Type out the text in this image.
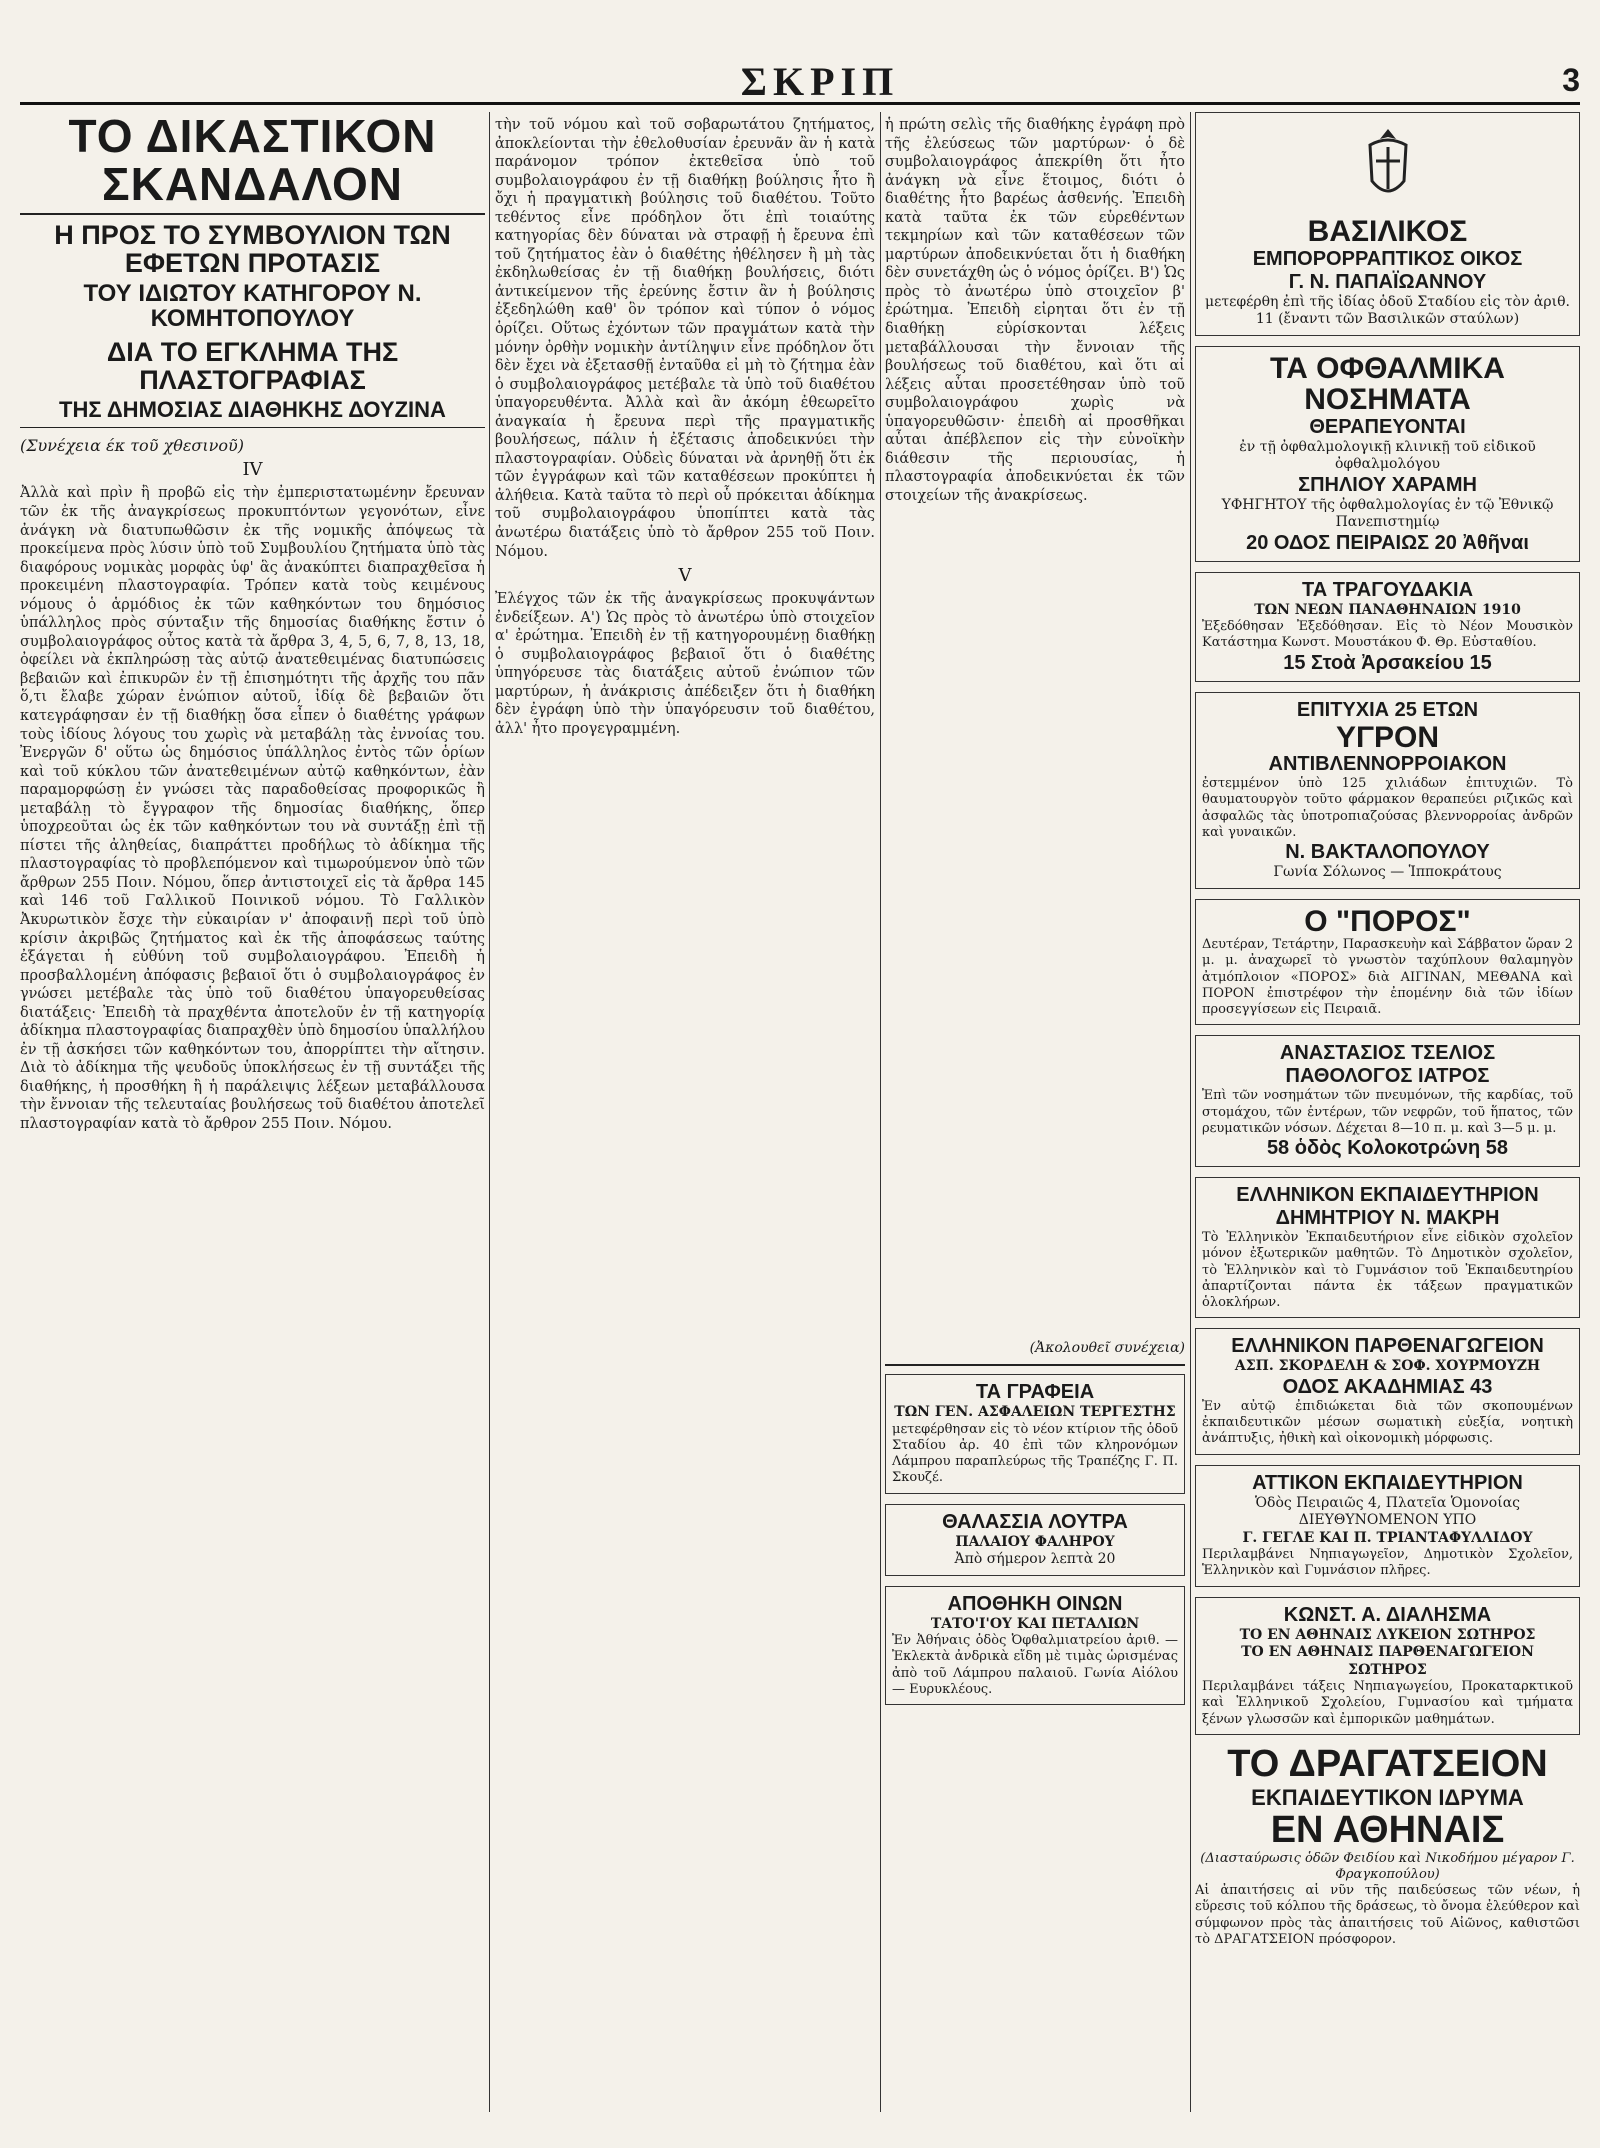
ΣΚΡΙΠ	3
ΤΟ ΔΙΚΑΣΤΙΚΟΝ ΣΚΑΝΔΑΛΟΝ
Η ΠΡΟΣ ΤΟ ΣΥΜΒΟΥΛΙΟΝ ΤΩΝ ΕΦΕΤΩΝ ΠΡΟΤΑΣΙΣ
ΤΟΥ ΙΔΙΩΤΟΥ ΚΑΤΗΓΟΡΟΥ Ν. ΚΟΜΗΤΟΠΟΥΛΟΥ
ΔΙΑ ΤΟ ΕΓΚΛΗΜΑ ΤΗΣ ΠΛΑΣΤΟΓΡΑΦΙΑΣ
ΤΗΣ ΔΗΜΟΣΙΑΣ ΔΙΑΘΗΚΗΣ ΔΟΥΖΙΝΑ
(Συνέχεια έκ τοῦ χθεσινοῦ)
IV
Ἀλλὰ καὶ πρὶν ἢ προβῶ εἰς τὴν ἐμπεριστατωμένην ἔρευναν τῶν ἐκ τῆς ἀναγκρίσεως προκυπτόντων γεγονότων, εἶνε ἀνάγκη νὰ διατυπωθῶσιν ἐκ τῆς νομικῆς ἀπόψεως τὰ προκείμενα πρὸς λύσιν ὑπὸ τοῦ Συμβουλίου ζητήματα ὑπὸ τὰς διαφόρους νομικὰς μορφὰς ὑφ' ἃς ἀνακύπτει διαπραχθεῖσα ἡ προκειμένη πλαστογραφία. Τρόπεν κατὰ τοὺς κειμένους νόμους ὁ ἁρμόδιος ἐκ τῶν καθηκόντων του δημόσιος ὑπάλληλος πρὸς σύνταξιν τῆς δημοσίας διαθήκης ἔστιν ὁ συμβολαιογράφος οὗτος κατὰ τὰ ἄρθρα 3, 4, 5, 6, 7, 8, 13, 18, ὀφείλει νὰ ἐκπληρώσῃ τὰς αὐτῷ ἀνατεθειμένας διατυπώσεις βεβαιῶν καὶ ἐπικυρῶν ἐν τῇ ἐπισημότητι τῆς ἀρχῆς του πᾶν ὅ,τι ἔλαβε χώραν ἐνώπιον αὐτοῦ, ἰδίᾳ δὲ βεβαιῶν ὅτι κατεγράφησαν ἐν τῇ διαθήκῃ ὅσα εἶπεν ὁ διαθέτης γράφων τοὺς ἰδίους λόγους του χωρὶς νὰ μεταβάλῃ τὰς ἐννοίας του. Ἐνεργῶν δ' οὕτω ὡς δημόσιος ὑπάλληλος ἐντὸς τῶν ὁρίων καὶ τοῦ κύκλου τῶν ἀνατεθειμένων αὐτῷ καθηκόντων, ἐὰν παραμορφώσῃ ἐν γνώσει τὰς παραδοθείσας προφορικῶς ἢ μεταβάλῃ τὸ ἔγγραφον τῆς δημοσίας διαθήκης, ὅπερ ὑποχρεοῦται ὡς ἐκ τῶν καθηκόντων του νὰ συντάξῃ ἐπὶ τῇ πίστει τῆς ἀληθείας, διαπράττει προδήλως τὸ ἀδίκημα τῆς πλαστογραφίας τὸ προβλεπόμενον καὶ τιμωρούμενον ὑπὸ τῶν ἄρθρων 255 Ποιν. Νόμου, ὅπερ ἀντιστοιχεῖ εἰς τὰ ἄρθρα 145 καὶ 146 τοῦ Γαλλικοῦ Ποινικοῦ νόμου. Τὸ Γαλλικὸν Ἀκυρωτικὸν ἔσχε τὴν εὐκαιρίαν ν' ἀποφαινῇ περὶ τοῦ ὑπὸ κρίσιν ἀκριβῶς ζητήματος καὶ ἐκ τῆς ἀποφάσεως ταύτης ἐξάγεται ἡ εὐθύνη τοῦ συμβολαιογράφου. Ἐπειδὴ ἡ προσβαλλομένη ἀπόφασις βεβαιοῖ ὅτι ὁ συμβολαιογράφος ἐν γνώσει μετέβαλε τὰς ὑπὸ τοῦ διαθέτου ὑπαγορευθείσας διατάξεις· Ἐπειδὴ τὰ πραχθέντα ἀποτελοῦν ἐν τῇ κατηγορίᾳ ἀδίκημα πλαστογραφίας διαπραχθὲν ὑπὸ δημοσίου ὑπαλλήλου ἐν τῇ ἀσκήσει τῶν καθηκόντων του, ἀπορρίπτει τὴν αἴτησιν. Διὰ τὸ ἀδίκημα τῆς ψευδοῦς ὑποκλήσεως ἐν τῇ συντάξει τῆς διαθήκης, ἡ προσθήκη ἢ ἡ παράλειψις λέξεων μεταβάλλουσα τὴν ἔννοιαν τῆς τελευταίας βουλήσεως τοῦ διαθέτου ἀποτελεῖ πλαστογραφίαν κατὰ τὸ ἄρθρον 255 Ποιν. Νόμου.
τὴν τοῦ νόμου καὶ τοῦ σοβαρωτάτου ζητήματος, ἀποκλείονται τὴν ἐθελοθυσίαν ἐρευνᾶν ἂν ἡ κατὰ παράνομον τρόπον ἐκτεθεῖσα ὑπὸ τοῦ συμβολαιογράφου ἐν τῇ διαθήκῃ βούλησις ἦτο ἢ ὄχι ἡ πραγματικὴ βούλησις τοῦ διαθέτου. Τοῦτο τεθέντος εἶνε πρόδηλον ὅτι ἐπὶ τοιαύτης κατηγορίας δὲν δύναται νὰ στραφῇ ἡ ἔρευνα ἐπὶ τοῦ ζητήματος ἐὰν ὁ διαθέτης ἠθέλησεν ἢ μὴ τὰς ἐκδηλωθείσας ἐν τῇ διαθήκῃ βουλήσεις, διότι ἀντικείμενον τῆς ἐρεύνης ἔστιν ἂν ἡ βούλησις ἐξεδηλώθη καθ' ὃν τρόπον καὶ τύπον ὁ νόμος ὁρίζει. Οὕτως ἐχόντων τῶν πραγμάτων κατὰ τὴν μόνην ὀρθὴν νομικὴν ἀντίληψιν εἶνε πρόδηλον ὅτι δὲν ἔχει νὰ ἐξετασθῇ ἐνταῦθα εἰ μὴ τὸ ζήτημα ἐὰν ὁ συμβολαιογράφος μετέβαλε τὰ ὑπὸ τοῦ διαθέτου ὑπαγορευθέντα. Ἀλλὰ καὶ ἂν ἀκόμη ἐθεωρεῖτο ἀναγκαία ἡ ἔρευνα περὶ τῆς πραγματικῆς βουλήσεως, πάλιν ἡ ἐξέτασις ἀποδεικνύει τὴν πλαστογραφίαν. Οὐδεὶς δύναται νὰ ἀρνηθῇ ὅτι ἐκ τῶν ἐγγράφων καὶ τῶν καταθέσεων προκύπτει ἡ ἀλήθεια. Κατὰ ταῦτα τὸ περὶ οὗ πρόκειται ἀδίκημα τοῦ συμβολαιογράφου ὑποπίπτει κατὰ τὰς ἀνωτέρω διατάξεις ὑπὸ τὸ ἄρθρον 255 τοῦ Ποιν. Νόμου.
V
Ἐλέγχος τῶν ἐκ τῆς ἀναγκρίσεως προκυψάντων ἐνδείξεων. Α') Ὡς πρὸς τὸ ἀνωτέρω ὑπὸ στοιχεῖον α' ἐρώτημα. Ἐπειδὴ ἐν τῇ κατηγορουμένῃ διαθήκῃ ὁ συμβολαιογράφος βεβαιοῖ ὅτι ὁ διαθέτης ὑπηγόρευσε τὰς διατάξεις αὐτοῦ ἐνώπιον τῶν μαρτύρων, ἡ ἀνάκρισις ἀπέδειξεν ὅτι ἡ διαθήκη δὲν ἐγράφη ὑπὸ τὴν ὑπαγόρευσιν τοῦ διαθέτου, ἀλλ' ἦτο προγεγραμμένη.
ἡ πρώτη σελὶς τῆς διαθήκης ἐγράφη πρὸ τῆς ἐλεύσεως τῶν μαρτύρων· ὁ δὲ συμβολαιογράφος ἀπεκρίθη ὅτι ἦτο ἀνάγκη νὰ εἶνε ἕτοιμος, διότι ὁ διαθέτης ἦτο βαρέως ἀσθενής. Ἐπειδὴ κατὰ ταῦτα ἐκ τῶν εὑρεθέντων τεκμηρίων καὶ τῶν καταθέσεων τῶν μαρτύρων ἀποδεικνύεται ὅτι ἡ διαθήκη δὲν συνετάχθη ὡς ὁ νόμος ὁρίζει. Β') Ὡς πρὸς τὸ ἀνωτέρω ὑπὸ στοιχεῖον β' ἐρώτημα. Ἐπειδὴ εἰρηται ὅτι ἐν τῇ διαθήκῃ εὑρίσκονται λέξεις μεταβάλλουσαι τὴν ἔννοιαν τῆς βουλήσεως τοῦ διαθέτου, καὶ ὅτι αἱ λέξεις αὗται προσετέθησαν ὑπὸ τοῦ συμβολαιογράφου χωρὶς νὰ ὑπαγορευθῶσιν· ἐπειδὴ αἱ προσθῆκαι αὗται ἀπέβλεπον εἰς τὴν εὐνοϊκὴν διάθεσιν τῆς περιουσίας, ἡ πλαστογραφία ἀποδεικνύεται ἐκ τῶν στοιχείων τῆς ἀνακρίσεως.
(Ἀκολουθεῖ συνέχεια)
ΤΑ ΓΡΑΦΕΙΑ
ΤΩΝ ΓΕΝ. ΑΣΦΑΛΕΙΩΝ ΤΕΡΓΕΣΤΗΣ
μετεφέρθησαν εἰς τὸ νέον κτίριον τῆς ὁδοῦ Σταδίου ἀρ. 40 ἐπὶ τῶν κληρονόμων Λάμπρου παραπλεύρως τῆς Τραπέζης Γ. Π. Σκουζέ.
ΘΑΛΑΣΣΙΑ ΛΟΥΤΡΑ
ΠΑΛΑΙΟΥ ΦΑΛΗΡΟΥ
Ἀπὸ σήμερον λεπτὰ 20
ΑΠΟΘΗΚΗ ΟΙΝΩΝ
ΤΑΤΟ'Ι'ΟΥ ΚΑΙ ΠΕΤΑΛΙΩΝ
Ἐν Ἀθήναις ὁδὸς Ὀφθαλμιατρείου ἀριθ. — Ἐκλεκτὰ ἀνδρικὰ εἴδη μὲ τιμὰς ὡρισμένας ἀπὸ τοῦ Λάμπρου παλαιοῦ. Γωνία Αἰόλου — Ευρυκλέους.
ΒΑΣΙΛΙΚΟΣ
ΕΜΠΟΡΟΡΡΑΠΤΙΚΟΣ ΟΙΚΟΣ
Γ. Ν. ΠΑΠΑΪΩΑΝΝΟΥ
μετεφέρθη ἐπὶ τῆς ἰδίας ὁδοῦ Σταδίου εἰς τὸν ἀριθ. 11 (ἔναντι τῶν Βασιλικῶν σταύλων)
ΤΑ ΟΦΘΑΛΜΙΚΑ ΝΟΣΗΜΑΤΑ
ΘΕΡΑΠΕΥΟΝΤΑΙ
ἐν τῇ ὀφθαλμολογικῇ κλινικῇ τοῦ εἰδικοῦ ὀφθαλμολόγου
ΣΠΗΛΙΟΥ ΧΑΡΑΜΗ
ΥΦΗΓΗΤΟΥ τῆς ὀφθαλμολογίας ἐν τῷ Ἐθνικῷ Πανεπιστημίῳ
20 ΟΔΟΣ ΠΕΙΡΑΙΩΣ 20 Ἀθῆναι
ΤΑ ΤΡΑΓΟΥΔΑΚΙΑ
ΤΩΝ ΝΕΩΝ ΠΑΝΑΘΗΝΑΙΩΝ 1910
Ἐξεδόθησαν Ἐξεδόθησαν. Εἰς τὸ Νέον Μουσικὸν Κατάστημα Κωνστ. Μουστάκου Φ. Θρ. Εὐσταθίου.
15 Στοὰ Ἀρσακείου 15
ΕΠΙΤΥΧΙΑ 25 ΕΤΩΝ
ΥΓΡΟΝ
ΑΝΤΙΒΛΕΝΝΟΡΡΟΙΑΚΟΝ
ἐστεμμένον ὑπὸ 125 χιλιάδων ἐπιτυχιῶν. Τὸ θαυματουργὸν τοῦτο φάρμακον θεραπεύει ριζικῶς καὶ ἀσφαλῶς τὰς ὑποτροπιαζούσας βλεννορροίας ἀνδρῶν καὶ γυναικῶν.
Ν. ΒΑΚΤΑΛΟΠΟΥΛΟΥ
Γωνία Σόλωνος — Ἱπποκράτους
Ο "ΠΟΡΟΣ"
Δευτέραν, Τετάρτην, Παρασκευὴν καὶ Σάββατον ὥραν 2 μ. μ. ἀναχωρεῖ τὸ γνωστὸν ταχύπλουν θαλαμηγὸν ἀτμόπλοιον «ΠΟΡΟΣ» διὰ ΑΙΓΙΝΑΝ, ΜΕΘΑΝΑ καὶ ΠΟΡΟΝ ἐπιστρέφον τὴν ἐπομένην διὰ τῶν ἰδίων προσεγγίσεων εἰς Πειραιᾶ.
ΑΝΑΣΤΑΣΙΟΣ ΤΣΕΛΙΟΣ
ΠΑΘΟΛΟΓΟΣ ΙΑΤΡΟΣ
Ἐπὶ τῶν νοσημάτων τῶν πνευμόνων, τῆς καρδίας, τοῦ στομάχου, τῶν ἐντέρων, τῶν νεφρῶν, τοῦ ἥπατος, τῶν ρευματικῶν νόσων. Δέχεται 8—10 π. μ. καὶ 3—5 μ. μ.
58 ὁδὸς Κολοκοτρώνη 58
ΕΛΛΗΝΙΚΟΝ ΕΚΠΑΙΔΕΥΤΗΡΙΟΝ
ΔΗΜΗΤΡΙΟΥ Ν. ΜΑΚΡΗ
Τὸ Ἑλληνικὸν Ἐκπαιδευτήριον εἶνε εἰδικὸν σχολεῖον μόνον ἐξωτερικῶν μαθητῶν. Τὸ Δημοτικὸν σχολεῖον, τὸ Ἑλληνικὸν καὶ τὸ Γυμνάσιον τοῦ Ἐκπαιδευτηρίου ἀπαρτίζονται πάντα ἐκ τάξεων πραγματικῶν ὁλοκλήρων.
ΕΛΛΗΝΙΚΟΝ ΠΑΡΘΕΝΑΓΩΓΕΙΟΝ
ΑΣΠ. ΣΚΟΡΔΕΛΗ & ΣΟΦ. ΧΟΥΡΜΟΥΖΗ
ΟΔΟΣ ΑΚΑΔΗΜΙΑΣ 43
Ἐν αὐτῷ ἐπιδιώκεται διὰ τῶν σκοπουμένων ἐκπαιδευτικῶν μέσων σωματικὴ εὐεξία, νοητικὴ ἀνάπτυξις, ἠθικὴ καὶ οἰκονομικὴ μόρφωσις.
ΑΤΤΙΚΟΝ ΕΚΠΑΙΔΕΥΤΗΡΙΟΝ
Ὁδὸς Πειραιῶς 4, Πλατεῖα Ὁμονοίας
ΔΙΕΥΘΥΝΟΜΕΝΟΝ ΥΠΟ
Γ. ΓΕΓΛΕ ΚΑΙ Π. ΤΡΙΑΝΤΑΦΥΛΛΙΔΟΥ
Περιλαμβάνει Νηπιαγωγεῖον, Δημοτικὸν Σχολεῖον, Ἑλληνικὸν καὶ Γυμνάσιον πλῆρες.
ΚΩΝΣΤ. Α. ΔΙΑΛΗΣΜΑ
ΤΟ ΕΝ ΑΘΗΝΑΙΣ ΛΥΚΕΙΟΝ ΣΩΤΗΡΟΣ
ΤΟ ΕΝ ΑΘΗΝΑΙΣ ΠΑΡΘΕΝΑΓΩΓΕΙΟΝ ΣΩΤΗΡΟΣ
Περιλαμβάνει τάξεις Νηπιαγωγείου, Προκαταρκτικοῦ καὶ Ἑλληνικοῦ Σχολείου, Γυμνασίου καὶ τμήματα ξένων γλωσσῶν καὶ ἐμπορικῶν μαθημάτων.
ΤΟ ΔΡΑΓΑΤΣΕΙΟΝ
ΕΚΠΑΙΔΕΥΤΙΚΟΝ ΙΔΡΥΜΑ
ΕΝ ΑΘΗΝΑΙΣ
(Διασταύρωσις ὁδῶν Φειδίου καὶ Νικοδήμου μέγαρον Γ. Φραγκοπούλου)
Αἱ ἀπαιτήσεις αἱ νῦν τῆς παιδεύσεως τῶν νέων, ἡ εὕρεσις τοῦ κόλπου τῆς δράσεως, τὸ ὄνομα ἐλεύθερον καὶ σύμφωνον πρὸς τὰς ἀπαιτήσεις τοῦ Αἰῶνος, καθιστῶσι τὸ ΔΡΑΓΑΤΣΕΙΟΝ πρόσφορον.
